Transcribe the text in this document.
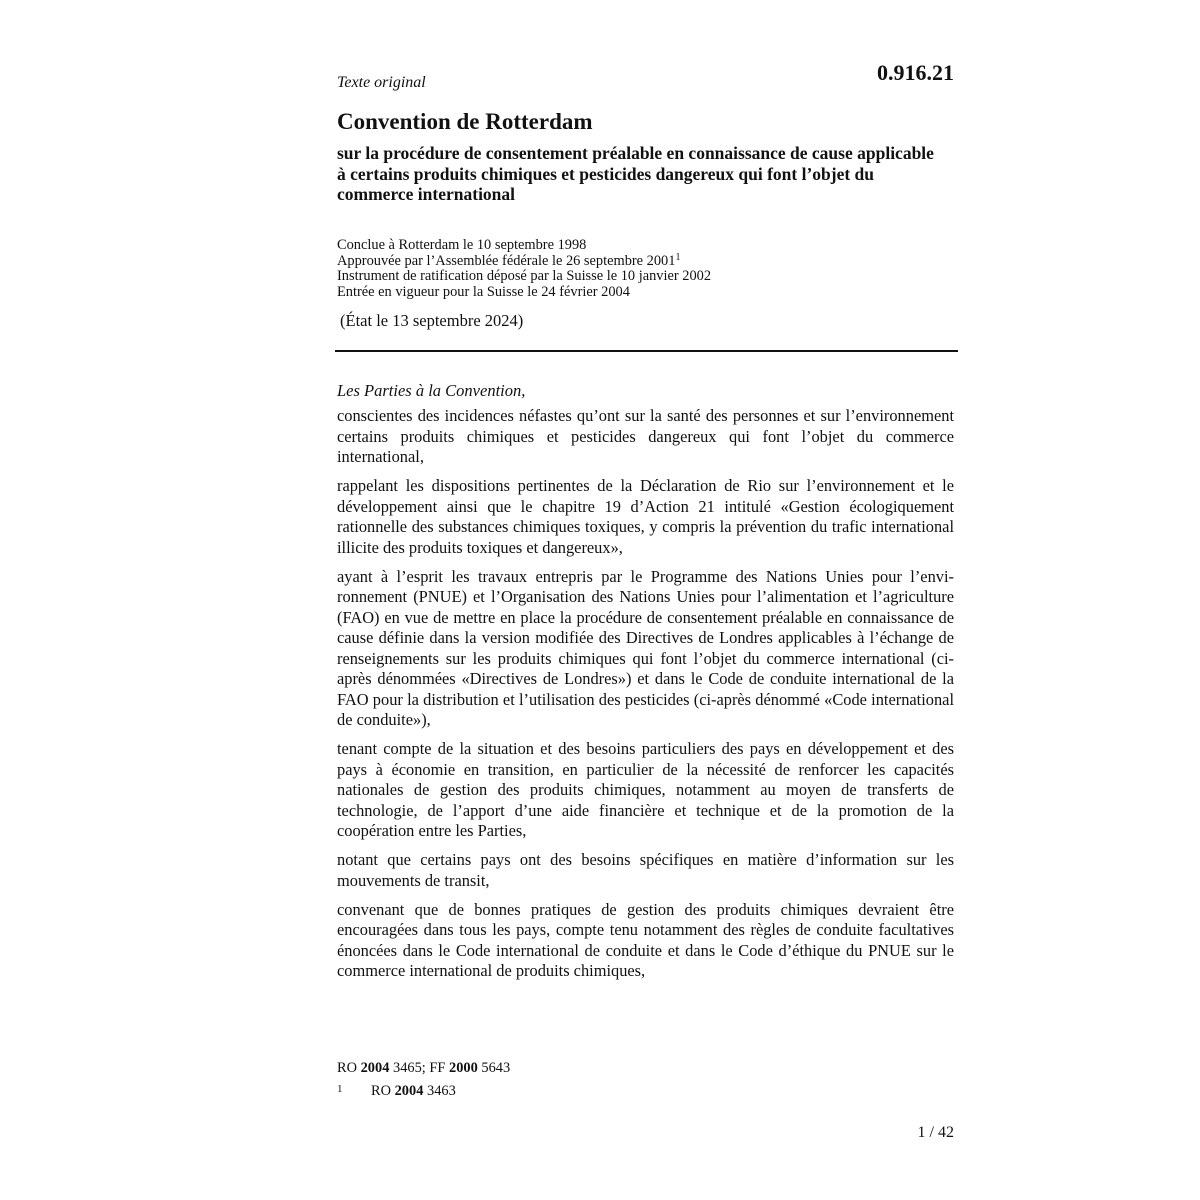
Texte original	0.916.21
Convention de Rotterdam
sur la procédure de consentement préalable en connaissance de cause applicable à certains produits chimiques et pesticides dangereux qui font l’objet du commerce international
Conclue à Rotterdam le 10 septembre 1998
Approuvée par l’Assemblée fédérale le 26 septembre 2001$^1$
Instrument de ratification déposé par la Suisse le 10 janvier 2002
Entrée en vigueur pour la Suisse le 24 février 2004
(État le 13 septembre 2024)
Les Parties à la Convention,

conscientes des incidences néfastes qu’ont sur la santé des personnes et sur l’environnement certains produits chimiques et pesticides dangereux qui font l’objet du commerce international,

rappelant les dispositions pertinentes de la Déclaration de Rio sur l’environnement et le développement ainsi que le chapitre 19 d’Action 21 intitulé «Gestion écologiquement rationnelle des substances chimiques toxiques, y compris la prévention du trafic international illicite des produits toxiques et dangereux»,

ayant à l’esprit les travaux entrepris par le Programme des Nations Unies pour l’environnement (PNUE) et l’Organisation des Nations Unies pour l’alimentation et l’agriculture (FAO) en vue de mettre en place la procédure de consentement préalable en connaissance de cause définie dans la version modifiée des Directives de Londres applicables à l’échange de renseignements sur les produits chimiques qui font l’objet du commerce international (ci-après dénommées «Directives de Londres») et dans le Code de conduite international de la FAO pour la distribution et l’utilisation des pesticides (ci-après dénommé «Code international de conduite»),

tenant compte de la situation et des besoins particuliers des pays en développement et des pays à économie en transition, en particulier de la nécessité de renforcer les capacités nationales de gestion des produits chimiques, notamment au moyen de transferts de technologie, de l’apport d’une aide financière et technique et de la promotion de la coopération entre les Parties,

notant que certains pays ont des besoins spécifiques en matière d’information sur les mouvements de transit,

convenant que de bonnes pratiques de gestion des produits chimiques devraient être encouragées dans tous les pays, compte tenu notamment des règles de conduite facultatives énoncées dans le Code international de conduite et dans le Code d’éthique du PNUE sur le commerce international de produits chimiques,

RO 2004 3465; FF 2000 5643
1 RO 2004 3463
1 / 42
